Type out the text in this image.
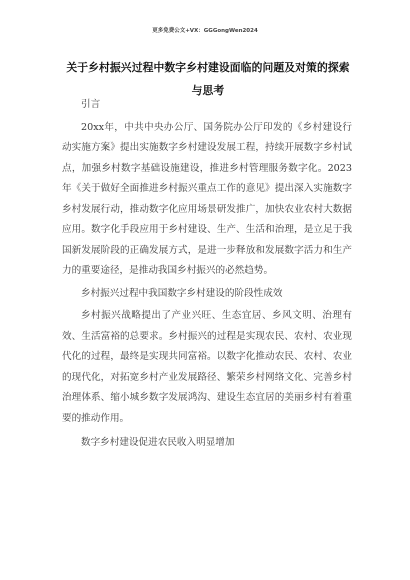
更多免费公文+VX：GGGongWen2024
关于乡村振兴过程中数字乡村建设面临的问题及对策的探索与思考

引言

20xx年，中共中央办公厅、国务院办公厅印发的《乡村建设行动实施方案》提出实施数字乡村建设发展工程，持续开展数字乡村试点，加强乡村数字基础设施建设，推进乡村管理服务数字化。2023年《关于做好全面推进乡村振兴重点工作的意见》提出深入实施数字乡村发展行动，推动数字化应用场景研发推广，加快农业农村大数据应用。数字化手段应用于乡村建设、生产、生活和治理，是立足于我国新发展阶段的正确发展方式，是进一步释放和发展数字活力和生产力的重要途径，是推动我国乡村振兴的必然趋势。

乡村振兴过程中我国数字乡村建设的阶段性成效

乡村振兴战略提出了产业兴旺、生态宜居、乡风文明、治理有效、生活富裕的总要求。乡村振兴的过程是实现农民、农村、农业现代化的过程，最终是实现共同富裕。以数字化推动农民、农村、农业的现代化，对拓宽乡村产业发展路径、繁荣乡村网络文化、完善乡村治理体系、缩小城乡数字发展鸿沟、建设生态宜居的美丽乡村有着重要的推动作用。

数字乡村建设促进农民收入明显增加
